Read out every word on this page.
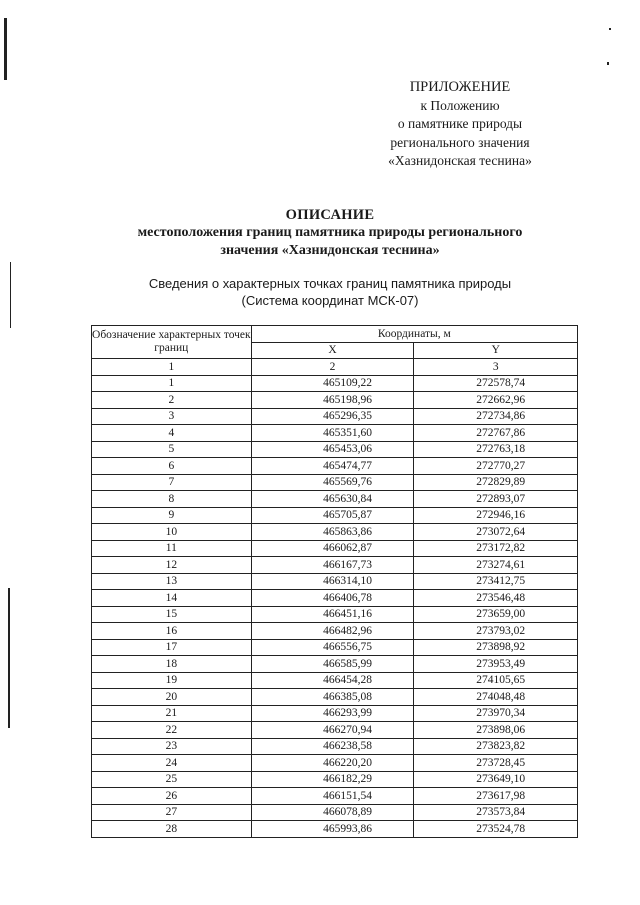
ПРИЛОЖЕНИЕ
к Положению
о памятнике природы
регионального значения
«Хазнидонская теснина»
ОПИСАНИЕ
местоположения границ памятника природы регионального
значения «Хазнидонская теснина»
Сведения о характерных точках границ памятника природы
(Система координат МСК-07)
Обозначение характерных точек границ	Координаты, м	
	X	Y
1	2	3
1	465109,22	272578,74
2	465198,96	272662,96
3	465296,35	272734,86
4	465351,60	272767,86
5	465453,06	272763,18
6	465474,77	272770,27
7	465569,76	272829,89
8	465630,84	272893,07
9	465705,87	272946,16
10	465863,86	273072,64
11	466062,87	273172,82
12	466167,73	273274,61
13	466314,10	273412,75
14	466406,78	273546,48
15	466451,16	273659,00
16	466482,96	273793,02
17	466556,75	273898,92
18	466585,99	273953,49
19	466454,28	274105,65
20	466385,08	274048,48
21	466293,99	273970,34
22	466270,94	273898,06
23	466238,58	273823,82
24	466220,20	273728,45
25	466182,29	273649,10
26	466151,54	273617,98
27	466078,89	273573,84
28	465993,86	273524,78
